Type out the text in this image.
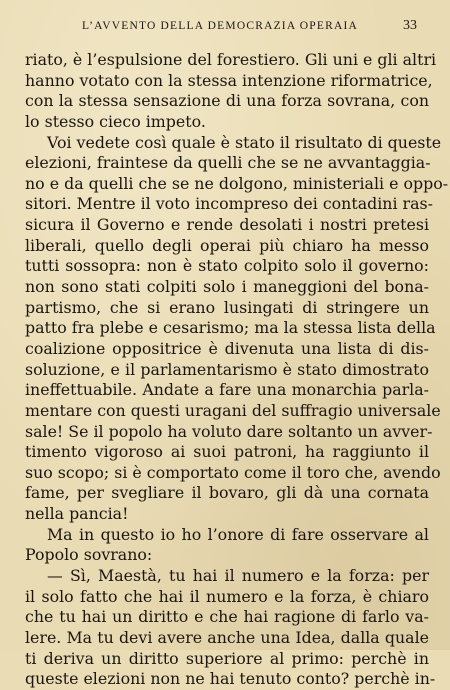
L’AVVENTO DELLA DEMOCRAZIA OPERAIA	33
riato, è l’espulsione del forestiero. Gli uni e gli altri
hanno votato con la stessa intenzione riformatrice,
con la stessa sensazione di una forza sovrana, con
lo stesso cieco impeto.
Voi vedete così quale è stato il risultato di queste
elezioni, fraintese da quelli che se ne avvantaggia-
no e da quelli che se ne dolgono, ministeriali e oppo-
sitori. Mentre il voto incompreso dei contadini ras-
sicura il Governo e rende desolati i nostri pretesi
liberali, quello degli operai più chiaro ha messo
tutti sossopra: non è stato colpito solo il governo:
non sono stati colpiti solo i maneggioni del bona-
partismo, che si erano lusingati di stringere un
patto fra plebe e cesarismo; ma la stessa lista della
coalizione oppositrice è divenuta una lista di dis-
soluzione, e il parlamentarismo è stato dimostrato
ineffettuabile. Andate a fare una monarchia parla-
mentare con questi uragani del suffragio universale
sale! Se il popolo ha voluto dare soltanto un avver-
timento vigoroso ai suoi patroni, ha raggiunto il
suo scopo; si è comportato come il toro che, avendo
fame, per svegliare il bovaro, gli dà una cornata
nella pancia!
Ma in questo io ho l’onore di fare osservare al
Popolo sovrano:
— Sì, Maestà, tu hai il numero e la forza: per
il solo fatto che hai il numero e la forza, è chiaro
che tu hai un diritto e che hai ragione di farlo va-
lere. Ma tu devi avere anche una Idea, dalla quale
ti deriva un diritto superiore al primo: perchè in
queste elezioni non ne hai tenuto conto? perchè in-
